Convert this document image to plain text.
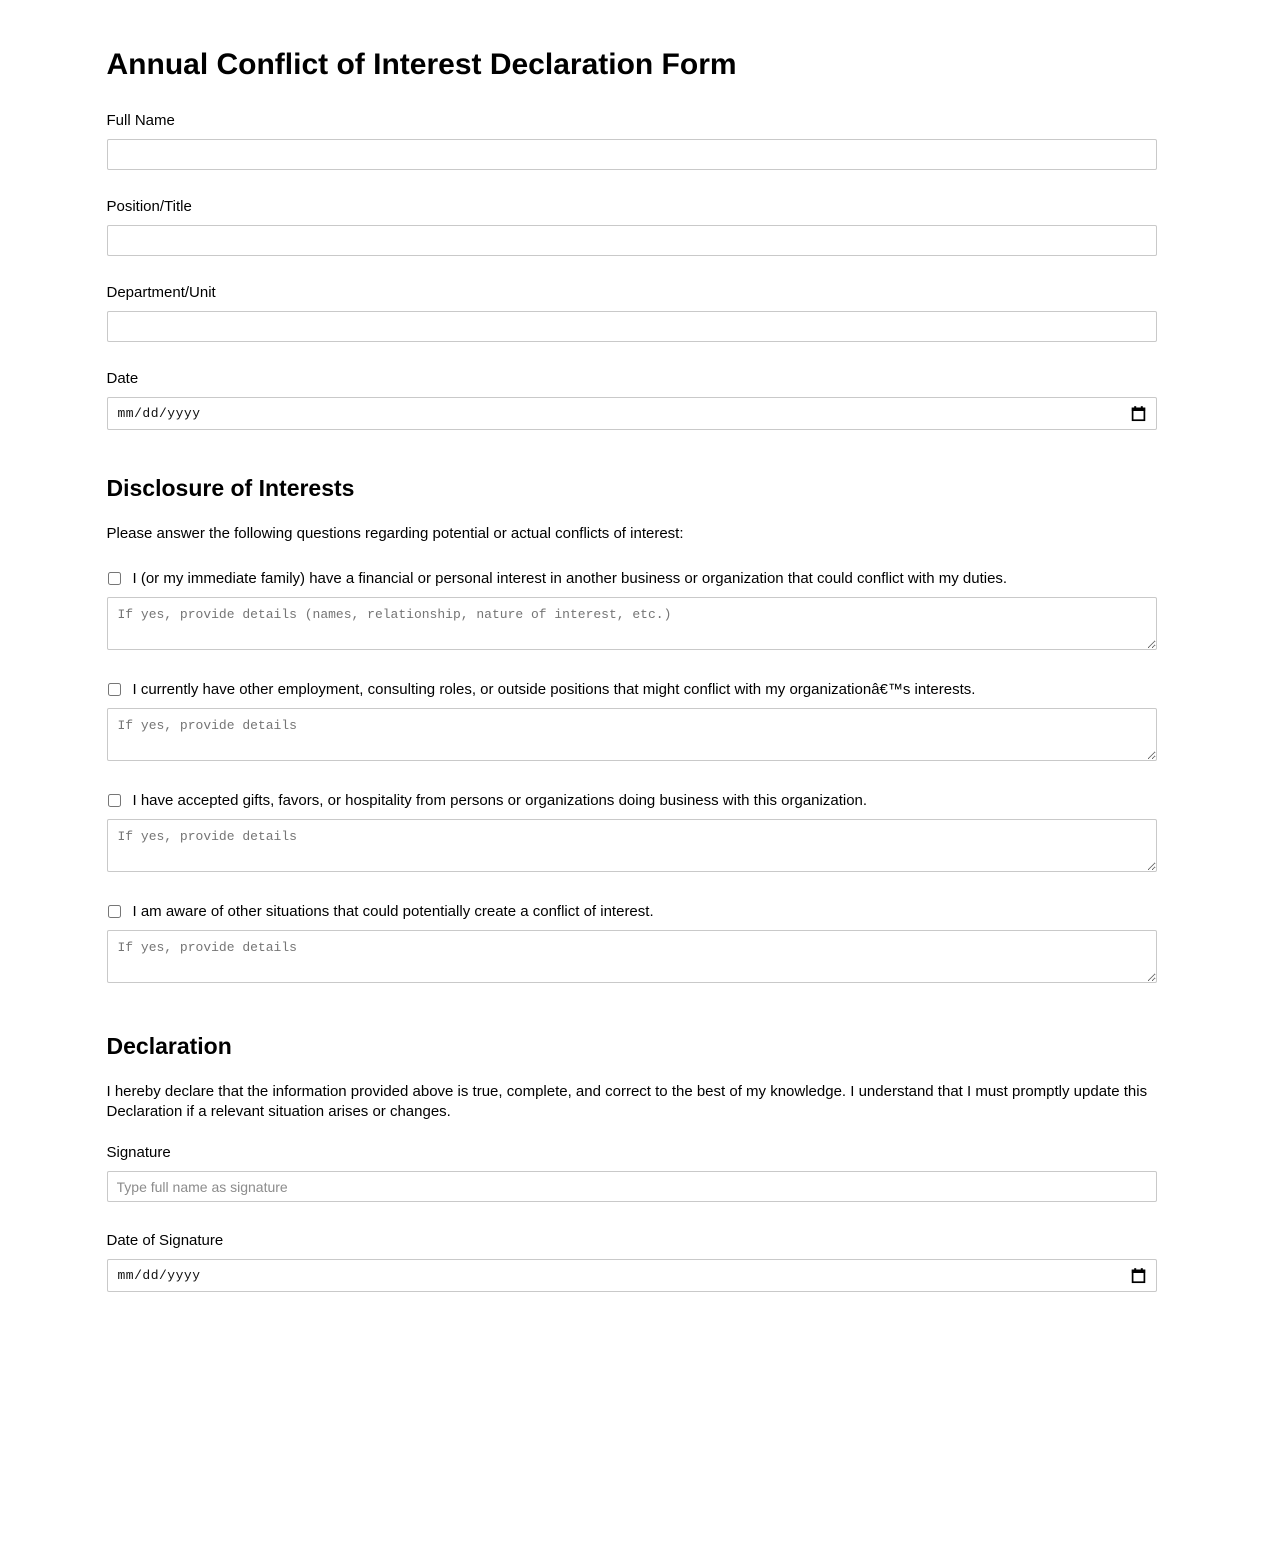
Annual Conflict of Interest Declaration Form
Full Name
Position/Title
Department/Unit
Date
mm/dd/yyyy
Disclosure of Interests

Please answer the following questions regarding potential or actual conflicts of interest:

I (or my immediate family) have a financial or personal interest in another business or organization that could conflict with my duties.
If yes, provide details (names, relationship, nature of interest, etc.)
I currently have other employment, consulting roles, or outside positions that might conflict with my organizationâ€™s interests.
If yes, provide details
I have accepted gifts, favors, or hospitality from persons or organizations doing business with this organization.
If yes, provide details
I am aware of other situations that could potentially create a conflict of interest.
If yes, provide details
Declaration

I hereby declare that the information provided above is true, complete, and correct to the best of my knowledge. I understand that I must promptly update this Declaration if a relevant situation arises or changes.

Signature
Type full name as signature
Date of Signature
mm/dd/yyyy
